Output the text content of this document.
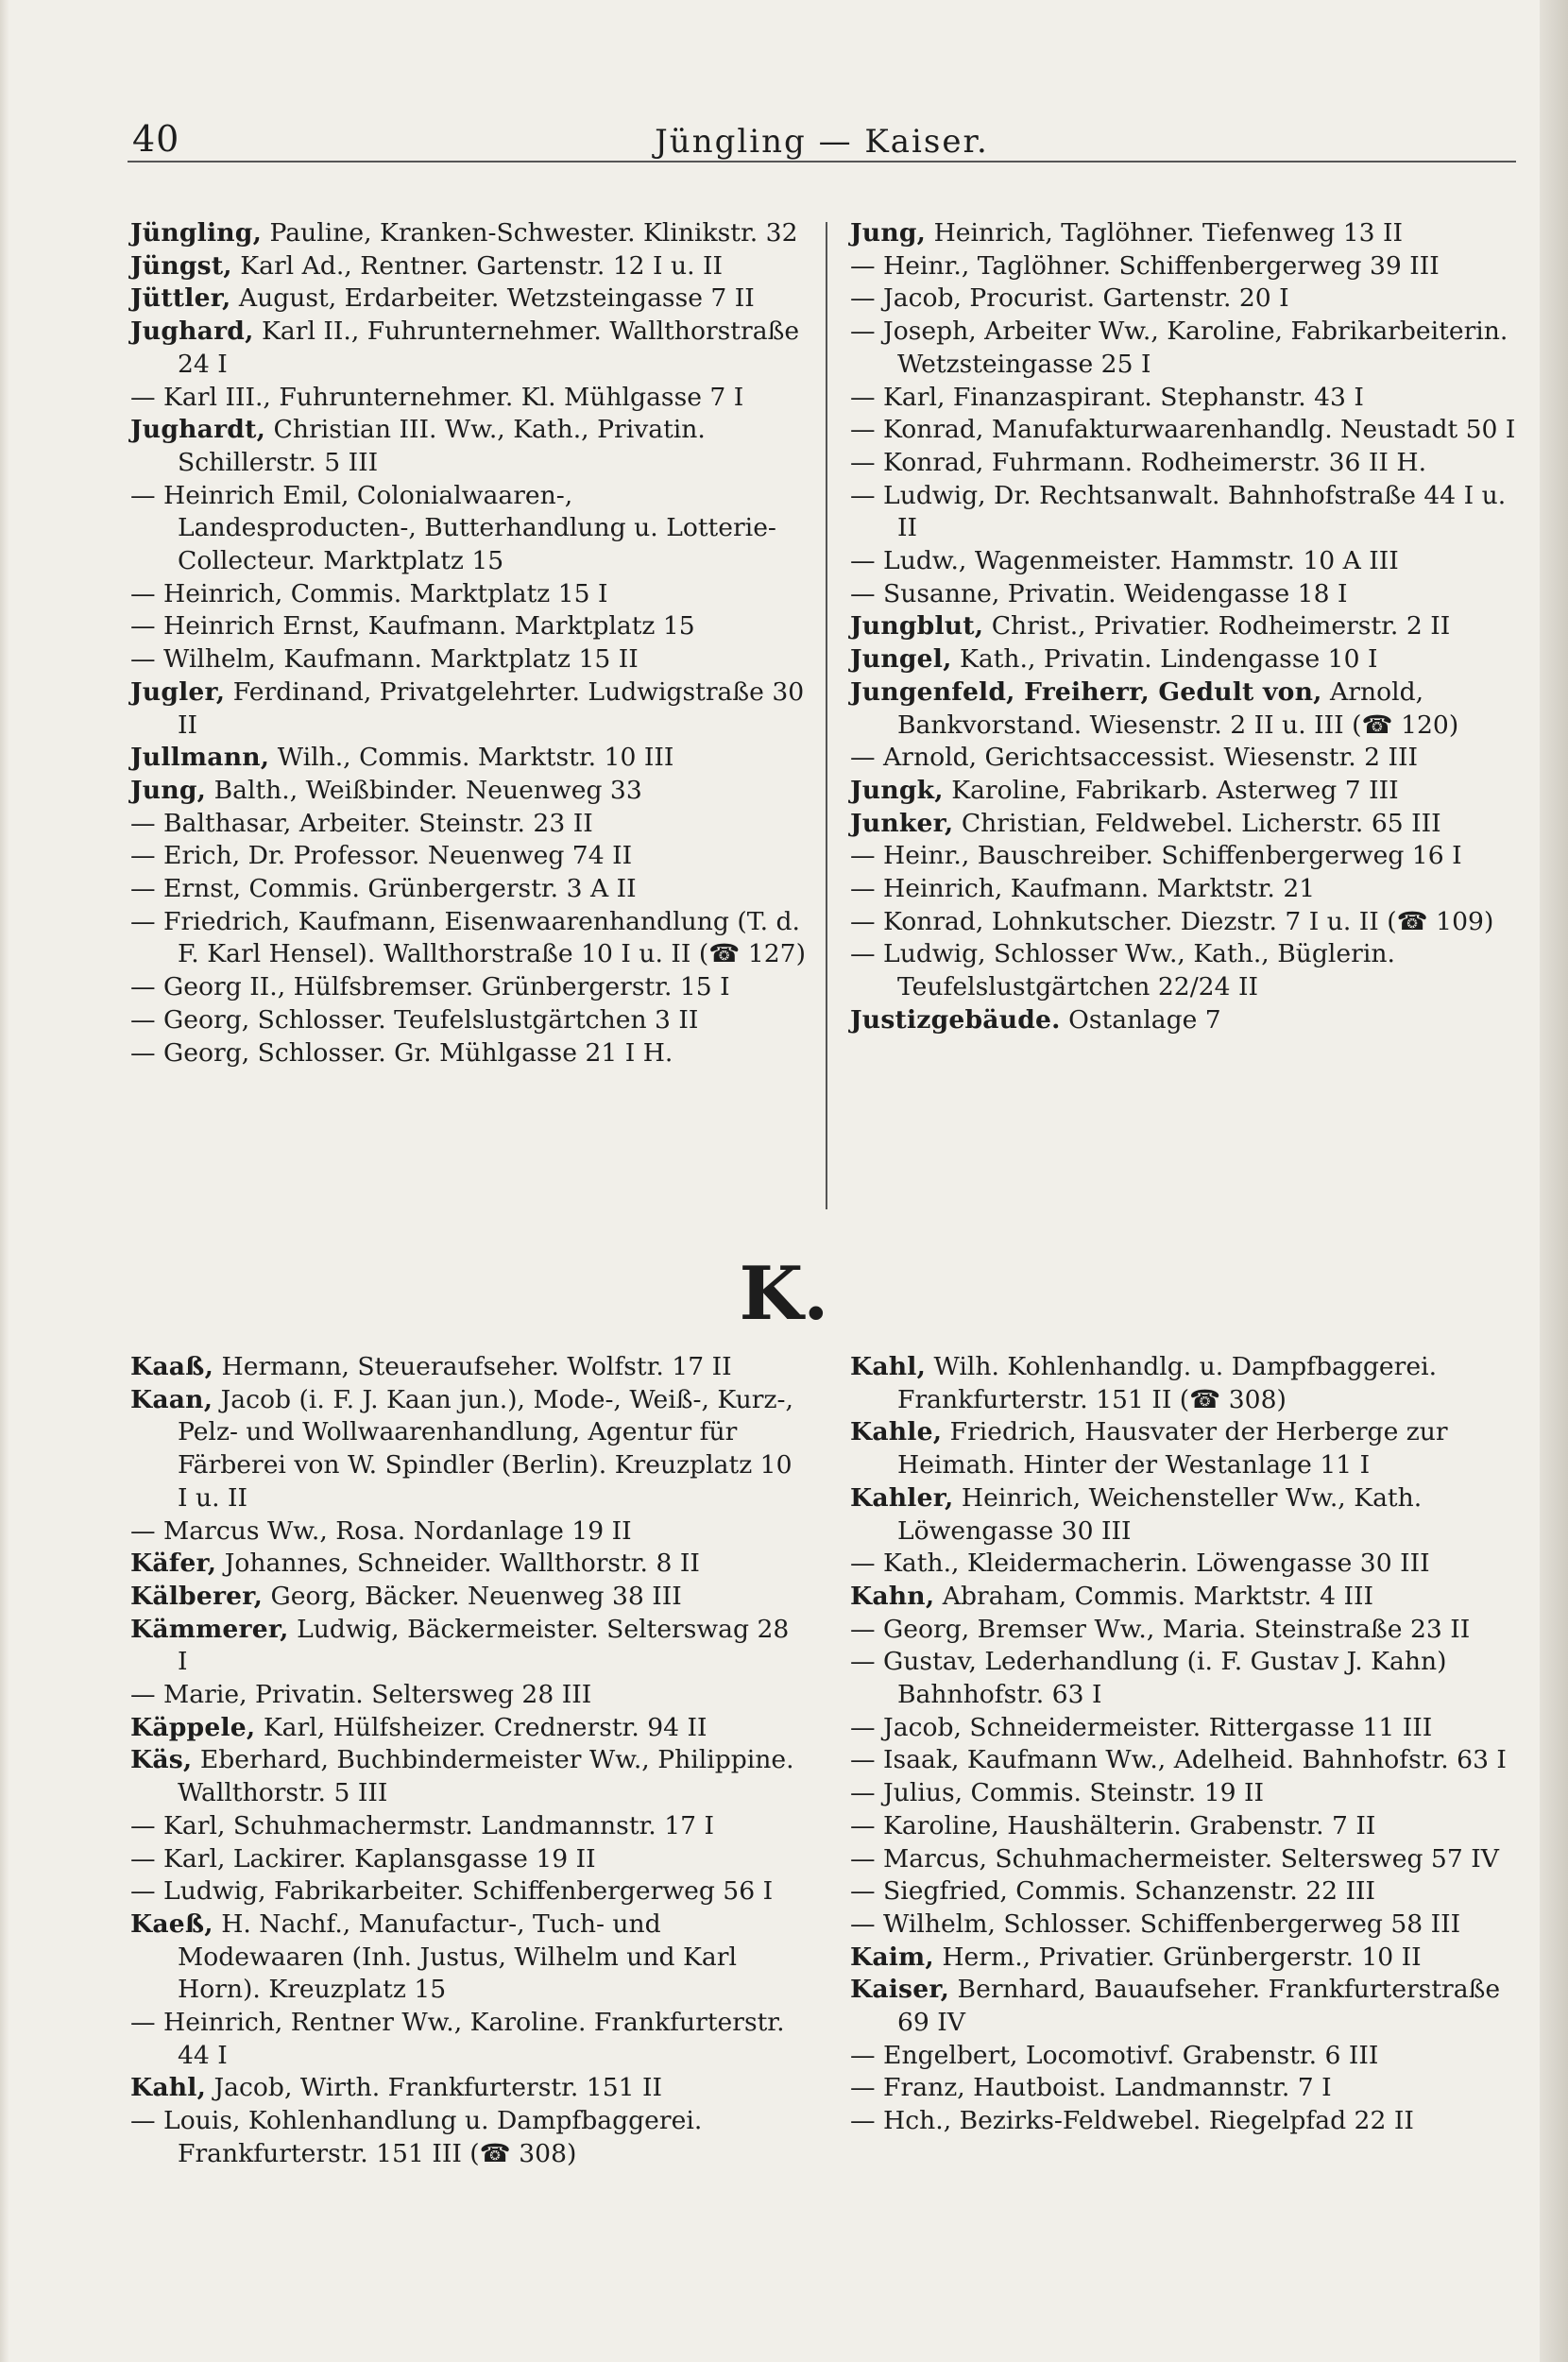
40	Jüngling — Kaiser.

Jüngling, Pauline, Kranken-Schwester. Klinikstr. 32

Jüngst, Karl Ad., Rentner. Gartenstr. 12 I u. II

Jüttler, August, Erdarbeiter. Wetzsteingasse 7 II

Jughard, Karl II., Fuhrunternehmer. Wallthorstraße 24 I

— Karl III., Fuhrunternehmer. Kl. Mühlgasse 7 I

Jughardt, Christian III. Ww., Kath., Privatin. Schillerstr. 5 III

— Heinrich Emil, Colonialwaaren-, Landesproducten-, Butterhandlung u. Lotterie-Collecteur. Marktplatz 15

— Heinrich, Commis. Marktplatz 15 I

— Heinrich Ernst, Kaufmann. Marktplatz 15

— Wilhelm, Kaufmann. Marktplatz 15 II

Jugler, Ferdinand, Privatgelehrter. Ludwigstraße 30 II

Jullmann, Wilh., Commis. Marktstr. 10 III

Jung, Balth., Weißbinder. Neuenweg 33

— Balthasar, Arbeiter. Steinstr. 23 II

— Erich, Dr. Professor. Neuenweg 74 II

— Ernst, Commis. Grünbergerstr. 3 A II

— Friedrich, Kaufmann, Eisenwaarenhandlung (T. d. F. Karl Hensel). Wallthorstraße 10 I u. II (☎ 127)

— Georg II., Hülfsbremser. Grünbergerstr. 15 I

— Georg, Schlosser. Teufelslustgärtchen 3 II

— Georg, Schlosser. Gr. Mühlgasse 21 I H.

Jung, Heinrich, Taglöhner. Tiefenweg 13 II

— Heinr., Taglöhner. Schiffenbergerweg 39 III

— Jacob, Procurist. Gartenstr. 20 I

— Joseph, Arbeiter Ww., Karoline, Fabrikarbeiterin. Wetzsteingasse 25 I

— Karl, Finanzaspirant. Stephanstr. 43 I

— Konrad, Manufakturwaarenhandlg. Neustadt 50 I

— Konrad, Fuhrmann. Rodheimerstr. 36 II H.

— Ludwig, Dr. Rechtsanwalt. Bahnhofstraße 44 I u. II

— Ludw., Wagenmeister. Hammstr. 10 A III

— Susanne, Privatin. Weidengasse 18 I

Jungblut, Christ., Privatier. Rodheimerstr. 2 II

Jungel, Kath., Privatin. Lindengasse 10 I

Jungenfeld, Freiherr, Gedult von, Arnold, Bankvorstand. Wiesenstr. 2 II u. III (☎ 120)

— Arnold, Gerichtsaccessist. Wiesenstr. 2 III

Jungk, Karoline, Fabrikarb. Asterweg 7 III

Junker, Christian, Feldwebel. Licherstr. 65 III

— Heinr., Bauschreiber. Schiffenbergerweg 16 I

— Heinrich, Kaufmann. Marktstr. 21

— Konrad, Lohnkutscher. Diezstr. 7 I u. II (☎ 109)

— Ludwig, Schlosser Ww., Kath., Büglerin. Teufelslustgärtchen 22/24 II

Justizgebäude. Ostanlage 7

K.

Kaaß, Hermann, Steueraufseher. Wolfstr. 17 II

Kaan, Jacob (i. F. J. Kaan jun.), Mode-, Weiß-, Kurz-, Pelz- und Wollwaarenhandlung, Agentur für Färberei von W. Spindler (Berlin). Kreuzplatz 10 I u. II

— Marcus Ww., Rosa. Nordanlage 19 II

Käfer, Johannes, Schneider. Wallthorstr. 8 II

Kälberer, Georg, Bäcker. Neuenweg 38 III

Kämmerer, Ludwig, Bäckermeister. Selterswag 28 I

— Marie, Privatin. Seltersweg 28 III

Käppele, Karl, Hülfsheizer. Crednerstr. 94 II

Käs, Eberhard, Buchbindermeister Ww., Philippine. Wallthorstr. 5 III

— Karl, Schuhmachermstr. Landmannstr. 17 I

— Karl, Lackirer. Kaplansgasse 19 II

— Ludwig, Fabrikarbeiter. Schiffenbergerweg 56 I

Kaeß, H. Nachf., Manufactur-, Tuch- und Modewaaren (Inh. Justus, Wilhelm und Karl Horn). Kreuzplatz 15

— Heinrich, Rentner Ww., Karoline. Frankfurterstr. 44 I

Kahl, Jacob, Wirth. Frankfurterstr. 151 II

— Louis, Kohlenhandlung u. Dampfbaggerei. Frankfurterstr. 151 III (☎ 308)

Kahl, Wilh. Kohlenhandlg. u. Dampfbaggerei. Frankfurterstr. 151 II (☎ 308)

Kahle, Friedrich, Hausvater der Herberge zur Heimath. Hinter der Westanlage 11 I

Kahler, Heinrich, Weichensteller Ww., Kath. Löwengasse 30 III

— Kath., Kleidermacherin. Löwengasse 30 III

Kahn, Abraham, Commis. Marktstr. 4 III

— Georg, Bremser Ww., Maria. Steinstraße 23 II

— Gustav, Lederhandlung (i. F. Gustav J. Kahn) Bahnhofstr. 63 I

— Jacob, Schneidermeister. Rittergasse 11 III

— Isaak, Kaufmann Ww., Adelheid. Bahnhofstr. 63 I

— Julius, Commis. Steinstr. 19 II

— Karoline, Haushälterin. Grabenstr. 7 II

— Marcus, Schuhmachermeister. Seltersweg 57 IV

— Siegfried, Commis. Schanzenstr. 22 III

— Wilhelm, Schlosser. Schiffenbergerweg 58 III

Kaim, Herm., Privatier. Grünbergerstr. 10 II

Kaiser, Bernhard, Bauaufseher. Frankfurterstraße 69 IV

— Engelbert, Locomotivf. Grabenstr. 6 III

— Franz, Hautboist. Landmannstr. 7 I

— Hch., Bezirks-Feldwebel. Riegelpfad 22 II
